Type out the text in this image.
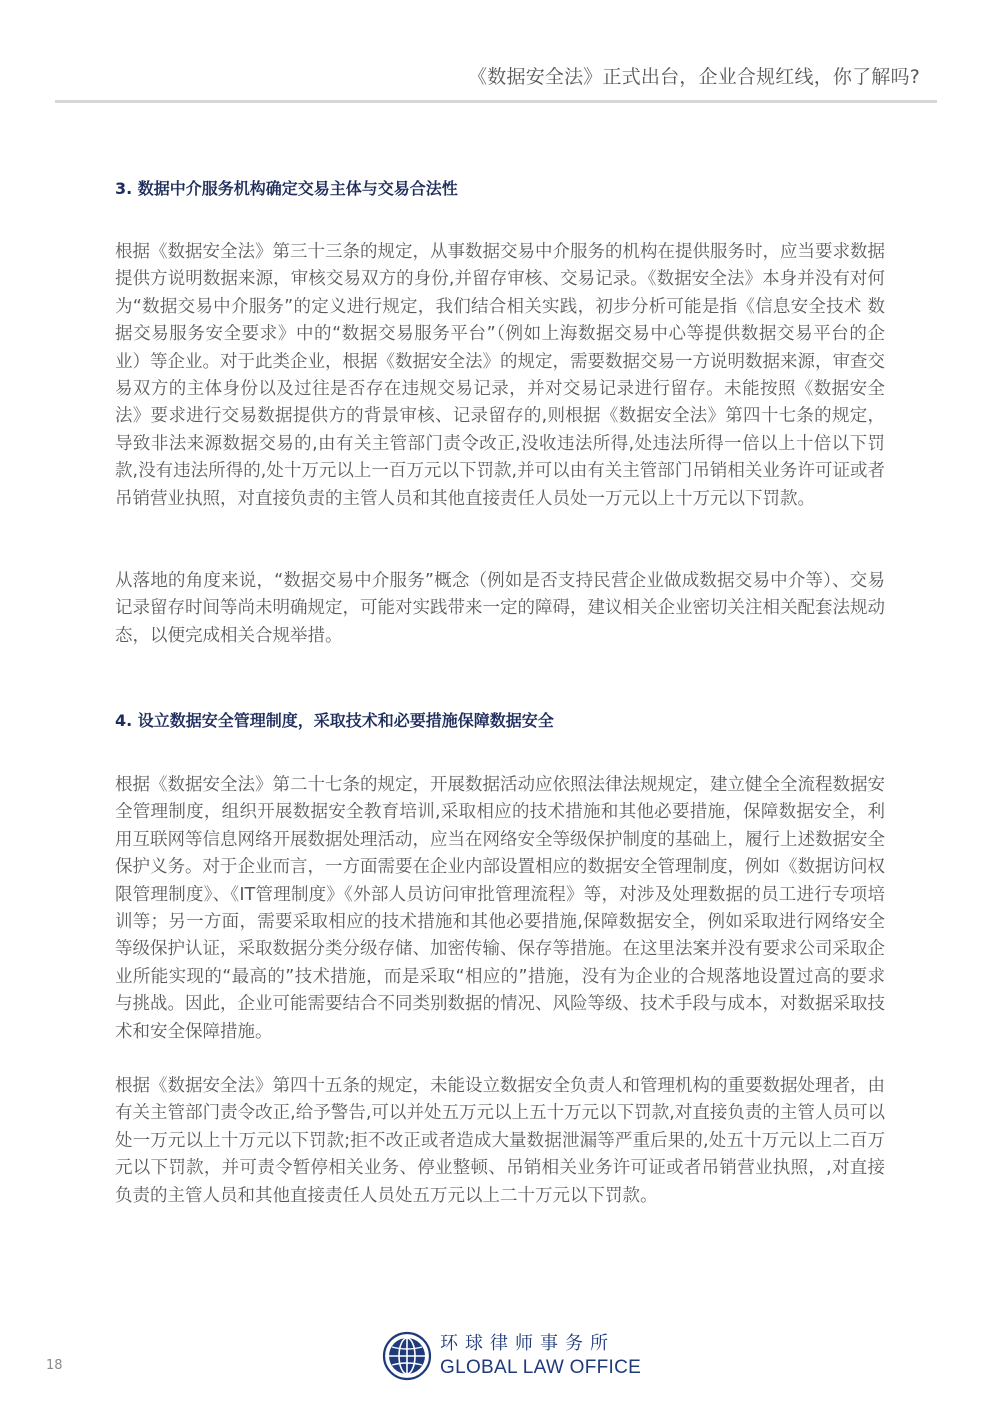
《数据安全法》正式出台，企业合规红线，你了解吗?
3. 数据中介服务机构确定交易主体与交易合法性

根据《数据安全法》第三十三条的规定，从事数据交易中介服务的机构在提供服务时，应当要求数据提供方说明数据来源，审核交易双方的身份,并留存审核、交易记录。《数据安全法》本身并没有对何为“数据交易中介服务”的定义进行规定，我们结合相关实践，初步分析可能是指《信息安全技术 数据交易服务安全要求》中的“数据交易服务平台”（例如上海数据交易中心等提供数据交易平台的企业）等企业。对于此类企业，根据《数据安全法》的规定，需要数据交易一方说明数据来源，审查交易双方的主体身份以及过往是否存在违规交易记录，并对交易记录进行留存。未能按照《数据安全法》要求进行交易数据提供方的背景审核、记录留存的,则根据《数据安全法》第四十七条的规定，导致非法来源数据交易的,由有关主管部门责令改正,没收违法所得,处违法所得一倍以上十倍以下罚款,没有违法所得的,处十万元以上一百万元以下罚款,并可以由有关主管部门吊销相关业务许可证或者吊销营业执照，对直接负责的主管人员和其他直接责任人员处一万元以上十万元以下罚款。

从落地的角度来说，“数据交易中介服务”概念（例如是否支持民营企业做成数据交易中介等）、交易记录留存时间等尚未明确规定，可能对实践带来一定的障碍，建议相关企业密切关注相关配套法规动态，以便完成相关合规举措。

4. 设立数据安全管理制度，采取技术和必要措施保障数据安全

根据《数据安全法》第二十七条的规定，开展数据活动应依照法律法规规定，建立健全全流程数据安全管理制度，组织开展数据安全教育培训,采取相应的技术措施和其他必要措施，保障数据安全，利用互联网等信息网络开展数据处理活动，应当在网络安全等级保护制度的基础上，履行上述数据安全保护义务。对于企业而言，一方面需要在企业内部设置相应的数据安全管理制度，例如《数据访问权限管理制度》、《IT管理制度》《外部人员访问审批管理流程》等，对涉及处理数据的员工进行专项培训等；另一方面，需要采取相应的技术措施和其他必要措施,保障数据安全，例如采取进行网络安全等级保护认证，采取数据分类分级存储、加密传输、保存等措施。在这里法案并没有要求公司采取企业所能实现的“最高的”技术措施，而是采取“相应的”措施，没有为企业的合规落地设置过高的要求与挑战。因此，企业可能需要结合不同类别数据的情况、风险等级、技术手段与成本，对数据采取技术和安全保障措施。

根据《数据安全法》第四十五条的规定，未能设立数据安全负责人和管理机构的重要数据处理者，由有关主管部门责令改正,给予警告,可以并处五万元以上五十万元以下罚款,对直接负责的主管人员可以处一万元以上十万元以下罚款;拒不改正或者造成大量数据泄漏等严重后果的,处五十万元以上二百万元以下罚款，并可责令暂停相关业务、停业整顿、吊销相关业务许可证或者吊销营业执照，,对直接负责的主管人员和其他直接责任人员处五万元以上二十万元以下罚款。

18
环球律师事务所
GLOBAL LAW OFFICE
